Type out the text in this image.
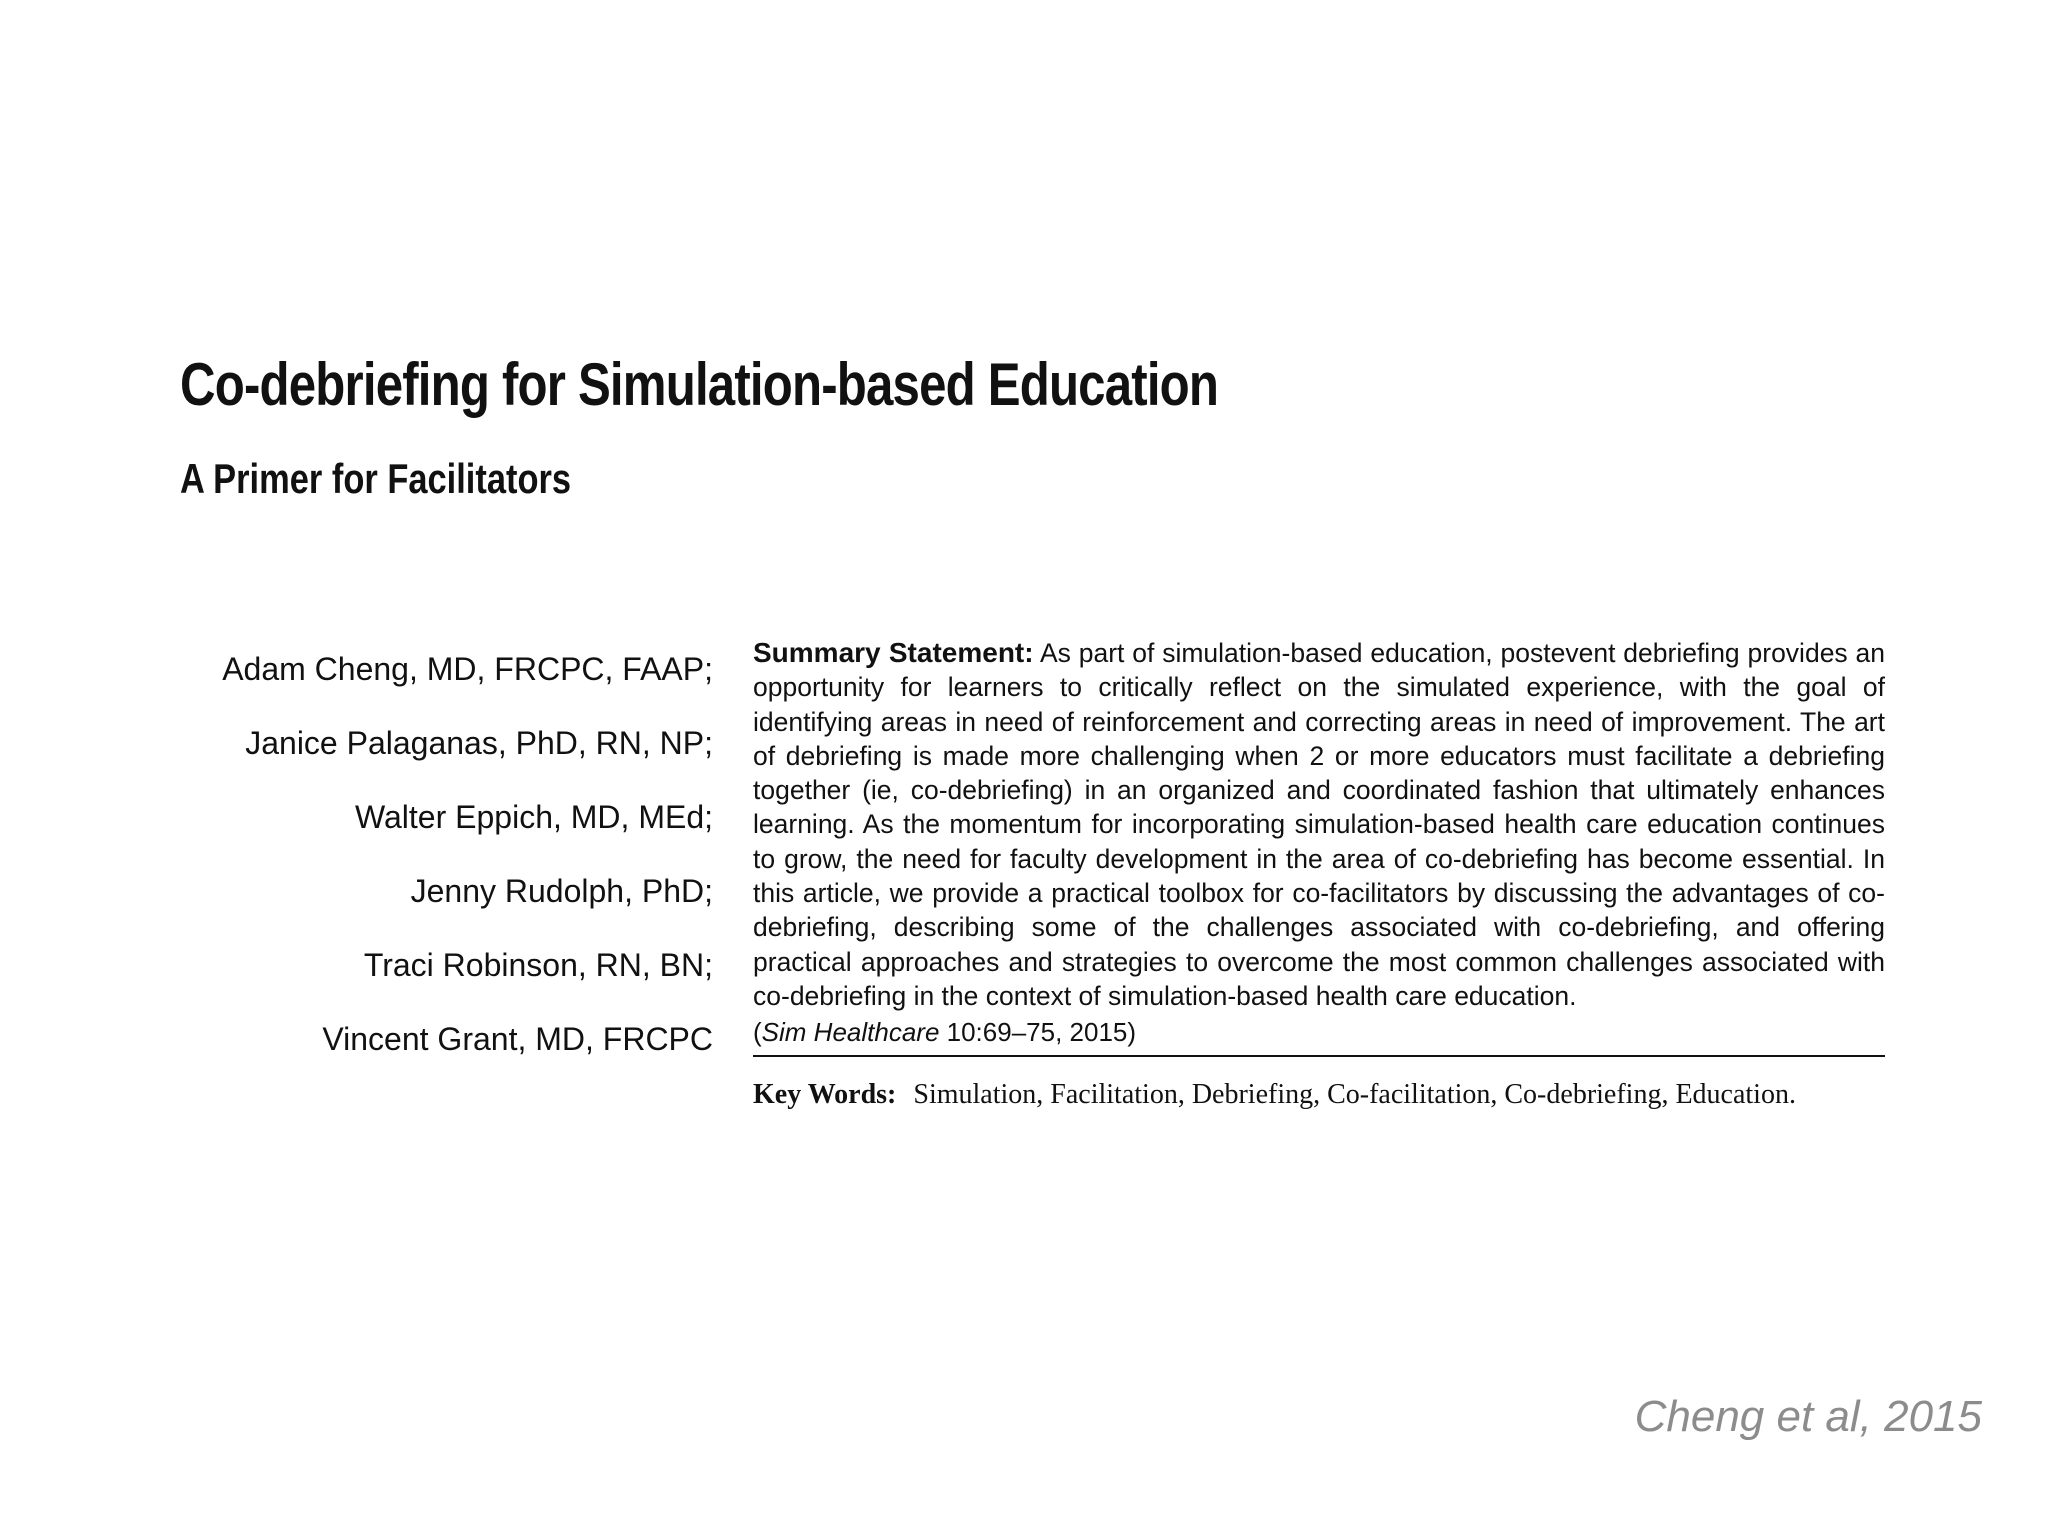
Co-debriefing for Simulation-based Education
A Primer for Facilitators
Adam Cheng, MD, FRCPC, FAAP;
Janice Palaganas, PhD, RN, NP;
Walter Eppich, MD, MEd;
Jenny Rudolph, PhD;
Traci Robinson, RN, BN;
Vincent Grant, MD, FRCPC
Summary Statement: As part of simulation-based education, postevent debriefing provides an opportunity for learners to critically reflect on the simulated experience, with the goal of identifying areas in need of reinforcement and correcting areas in need of improvement. The art of debriefing is made more challenging when 2 or more educators must facilitate a debriefing together (ie, co-debriefing) in an organized and coordinated fashion that ultimately enhances learning. As the momentum for incorporating simulation-based health care education continues to grow, the need for faculty development in the area of co-debriefing has become essential. In this article, we provide a practical toolbox for co-facilitators by discussing the advantages of co-debriefing, describing some of the challenges associated with co-debriefing, and offering practical approaches and strategies to overcome the most common challenges associated with co-debriefing in the context of simulation-based health care education.
(Sim Healthcare 10:69–75, 2015)
Key Words: Simulation, Facilitation, Debriefing, Co-facilitation, Co-debriefing, Education.
Cheng et al, 2015
